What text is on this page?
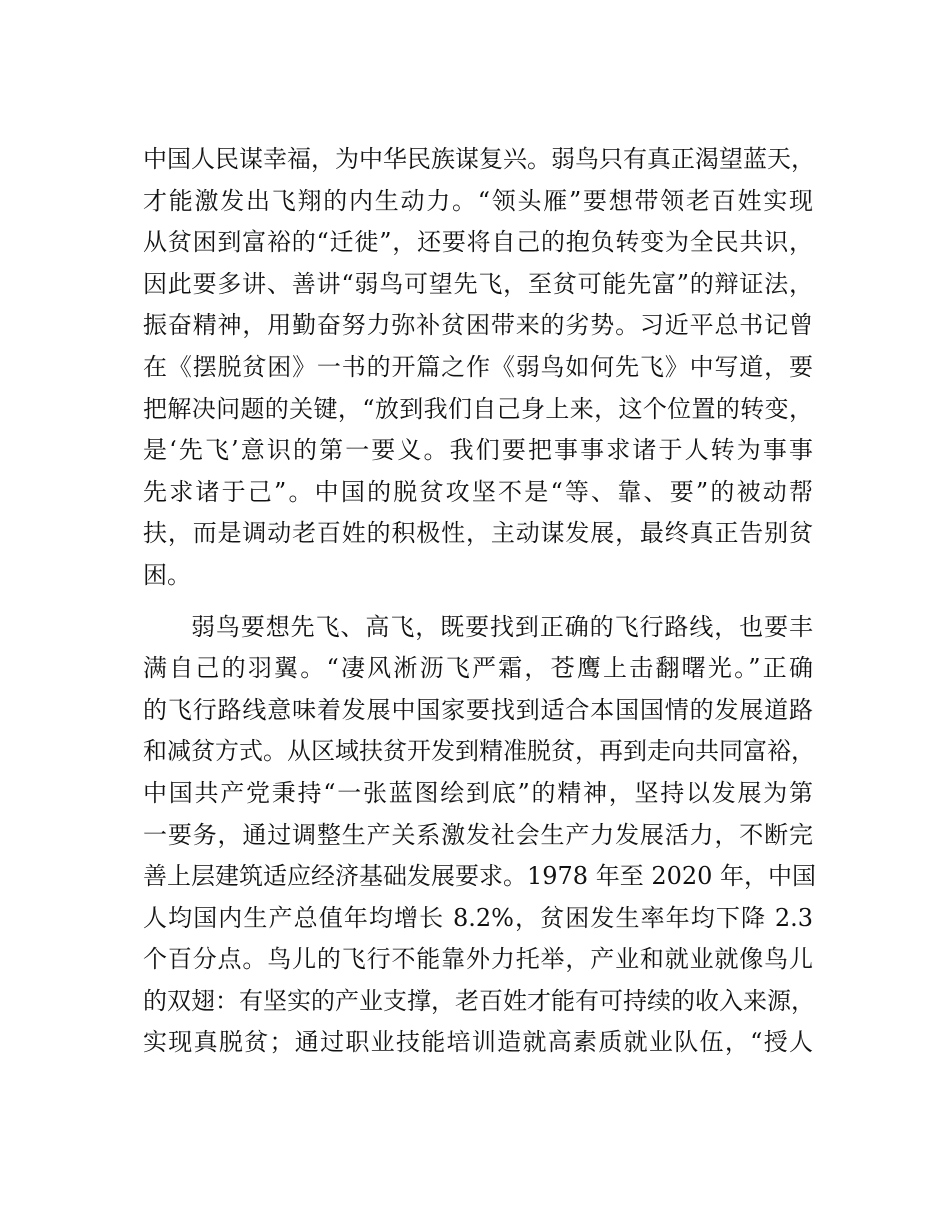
中国人民谋幸福，为中华民族谋复兴。弱鸟只有真正渴望蓝天，
才能激发出飞翔的内生动力。“领头雁”要想带领老百姓实现
从贫困到富裕的“迁徙”，还要将自己的抱负转变为全民共识，
因此要多讲、善讲“弱鸟可望先飞，至贫可能先富”的辩证法，
振奋精神，用勤奋努力弥补贫困带来的劣势。习近平总书记曾
在《摆脱贫困》一书的开篇之作《弱鸟如何先飞》中写道，要
把解决问题的关键，“放到我们自己身上来，这个位置的转变，
是‘先飞’意识的第一要义。我们要把事事求诸于人转为事事
先求诸于己”。中国的脱贫攻坚不是“等、靠、要”的被动帮
扶，而是调动老百姓的积极性，主动谋发展，最终真正告别贫
困。
弱鸟要想先飞、高飞，既要找到正确的飞行路线，也要丰
满自己的羽翼。“凄风淅沥飞严霜，苍鹰上击翻曙光。”正确
的飞行路线意味着发展中国家要找到适合本国国情的发展道路
和减贫方式。从区域扶贫开发到精准脱贫，再到走向共同富裕，
中国共产党秉持“一张蓝图绘到底”的精神，坚持以发展为第
一要务，通过调整生产关系激发社会生产力发展活力，不断完
善上层建筑适应经济基础发展要求。1978 年至 2020 年，中国
人均国内生产总值年均增长 8.2%，贫困发生率年均下降 2.3
个百分点。鸟儿的飞行不能靠外力托举，产业和就业就像鸟儿
的双翅：有坚实的产业支撑，老百姓才能有可持续的收入来源，
实现真脱贫；通过职业技能培训造就高素质就业队伍，“授人
